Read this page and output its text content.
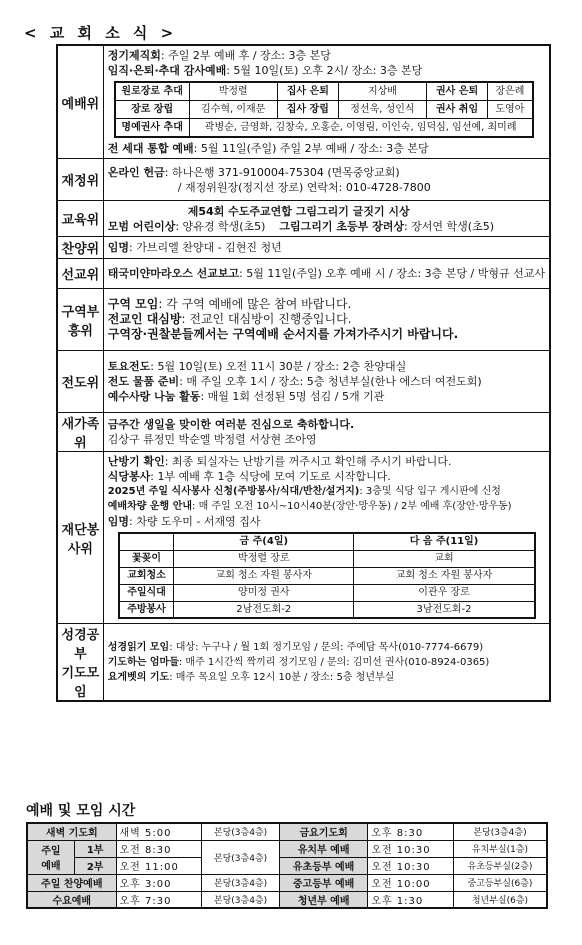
< 교 회 소 식 >
예배위	
정기제직회: 주일 2부 예배 후 / 장소: 3층 본당
임직·은퇴·추대 감사예배: 5월 10일(토) 오후 2시/ 장소: 3층 본당
원로장로 추대	박정렬	집사 은퇴	지상배	권사 은퇴	장은례
장로 장립	김수혁, 이재문	집사 장립	정선욱, 성인식	권사 취임	도영아
명예권사 추대	곽병순, 금영화, 김창숙, 오홍순, 이영림, 이인숙, 임덕심, 임선예, 최미례
전 세대 통합 예배: 5월 11일(주일) 주일 2부 예배 / 장소: 3층 본당

재정위	
온라인 헌금: 하나은행 371-910004-75304 (면목중앙교회)
/ 재정위원장(정지선 장로) 연락처: 010-4728-7800

교육위	
제54회 수도주교연합 그림그리기 글짓기 시상
모범 어린이상: 양유경 학생(초5) 그림그리기 초등부 장려상: 장서연 학생(초5)

찬양위	임명: 가브리엘 찬양대 - 김현진 청년

선교위	태국미얀마라오스 선교보고: 5월 11일(주일) 오후 예배 시 / 장소: 3층 본당 / 박형규 선교사

구역부흥위	
구역 모임: 각 구역 예배에 많은 참여 바랍니다.
전교인 대심방: 전교인 대심방이 진행중입니다.
구역장·권찰분들께서는 구역예배 순서지를 가져가주시기 바랍니다.

전도위	
토요전도: 5월 10일(토) 오전 11시 30분 / 장소: 2층 찬양대실
전도 물품 준비: 매 주일 오후 1시 / 장소: 5층 청년부실(한나 에스더 여전도회)
예수사랑 나눔 활동: 매월 1회 선정된 5명 섬김 / 5개 기관

새가족위	
금주간 생일을 맞이한 여러분 진심으로 축하합니다.
김상구 류정민 박순엘 박정렬 서상현 조아영

재단봉사위	
난방기 확인: 최종 퇴실자는 난방기를 꺼주시고 확인해 주시기 바랍니다.
식당봉사: 1부 예배 후 1층 식당에 모여 기도로 시작합니다.
2025년 주일 식사봉사 신청(주방봉사/식대/반찬/설거지): 3층및 식당 입구 게시판에 신청
예배차량 운행 안내: 매 주일 오전 10시~10시40분(장안·망우동) / 2부 예배 후(장안·망우동)
임명: 차량 도우미 - 서재영 집사
	금 주(4일)	다 음 주(11일)
꽃꽂이	박정렬 장로	교회
교회청소	교회 청소 자원 봉사자	교회 청소 자원 봉사자
주일식대	양미정 권사	이관우 장로
주방봉사	2남전도회-2	3남전도회-2

성경공부
기도모임

성경읽기 모임: 대상: 누구나 / 월 1회 정기모임 / 문의: 주예담 목사(010-7774-6679)
기도하는 엄마들: 매주 1시간씩 짝끼리 정기모임 / 문의: 김미선 권사(010-8924-0365)
요게벳의 기도: 매주 목요일 오후 12시 10분 / 장소: 5층 청년부실
예배 및 모임 시간
새벽 기도회		새벽 5:00	본당(3층4층)	금요기도회	오후 8:30	본당(3층4층)

주일
예배	1부	오전 8:30	본당(3층4층)	유치부 예배	오전 10:30	유치부실(1층)
	2부	오전 11:00		유초등부 예배	오전 10:30	유초등부실(2층)
주일 찬양예배		오후 3:00	본당(3층4층)	중고등부 예배	오전 10:00	중고등부실(6층)
수요예배		오후 7:30	본당(3층4층)	청년부 예배	오후 1:30	청년부실(6층)
